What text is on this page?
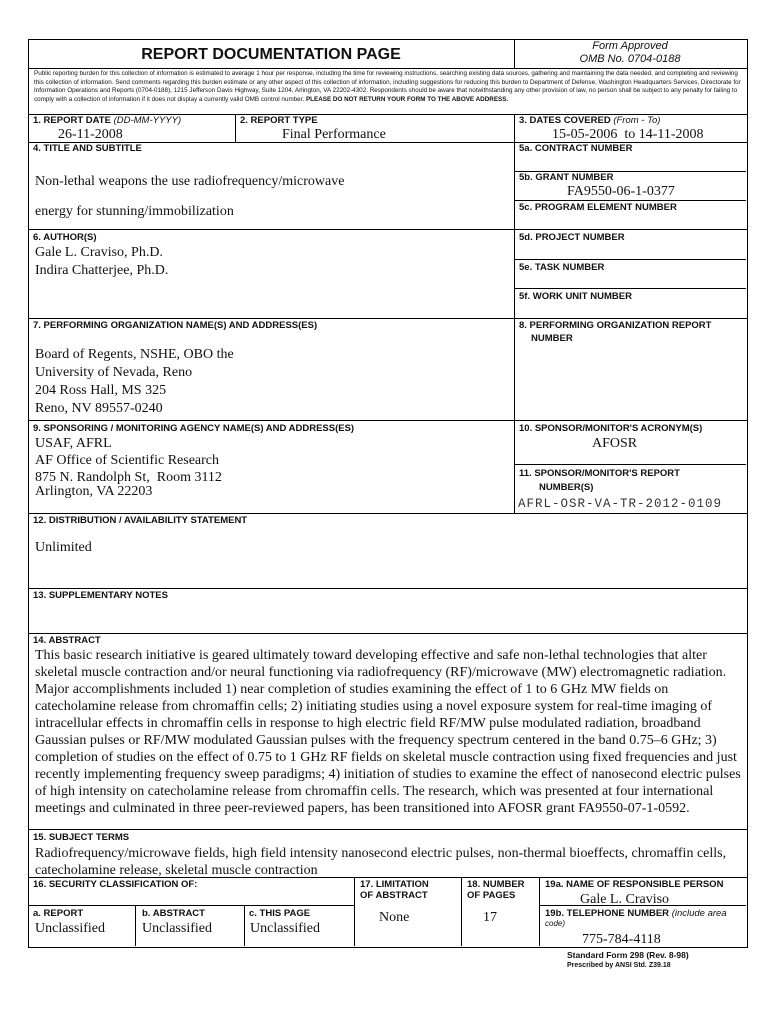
REPORT DOCUMENTATION PAGE	Form Approved
OMB No. 0704-0188
Public reporting burden for this collection of information is estimated to average 1 hour per response, including the time for reviewing instructions, searching existing data sources, gathering and maintaining the data needed, and completing and reviewing this collection of information. Send comments regarding this burden estimate or any other aspect of this collection of information, including suggestions for reducing this burden to Department of Defense, Washington Headquarters Services, Directorate for Information Operations and Reports (0704-0188), 1215 Jefferson Davis Highway, Suite 1204, Arlington, VA 22202-4302. Respondents should be aware that notwithstanding any other provision of law, no person shall be subject to any penalty for failing to comply with a collection of information if it does not display a currently valid OMB control number. PLEASE DO NOT RETURN YOUR FORM TO THE ABOVE ADDRESS.
1. REPORT DATE (DD-MM-YYYY)
26-11-2008
2. REPORT TYPE
Final Performance
3. DATES COVERED (From - To)
15-05-2006  to 14-11-2008
4. TITLE AND SUBTITLE
Non-lethal weapons the use radiofrequency/microwave
energy for stunning/immobilization
5a. CONTRACT NUMBER
5b. GRANT NUMBER
FA9550-06-1-0377
5c. PROGRAM ELEMENT NUMBER
5d. PROJECT NUMBER
5e. TASK NUMBER
5f. WORK UNIT NUMBER
6. AUTHOR(S)
Gale L. Craviso, Ph.D.
Indira Chatterjee, Ph.D.
7. PERFORMING ORGANIZATION NAME(S) AND ADDRESS(ES)
Board of Regents, NSHE, OBO the
University of Nevada, Reno
204 Ross Hall, MS 325
Reno, NV 89557-0240
8. PERFORMING ORGANIZATION REPORT
NUMBER
9. SPONSORING / MONITORING AGENCY NAME(S) AND ADDRESS(ES)
USAF, AFRL
AF Office of Scientific Research
875 N. Randolph St,  Room 3112
Arlington, VA 22203
10. SPONSOR/MONITOR'S ACRONYM(S)
AFOSR
11. SPONSOR/MONITOR'S REPORT
NUMBER(S)
AFRL-OSR-VA-TR-2012-0109
12. DISTRIBUTION / AVAILABILITY STATEMENT
Unlimited
13. SUPPLEMENTARY NOTES
14. ABSTRACT
This basic research initiative is geared ultimately toward developing effective and safe non-lethal technologies that alter skeletal muscle contraction and/or neural functioning via radiofrequency (RF)/microwave (MW) electromagnetic radiation. Major accomplishments included 1) near completion of studies examining the effect of 1 to 6 GHz MW fields on catecholamine release from chromaffin cells; 2) initiating studies using a novel exposure system for real-time imaging of intracellular effects in chromaffin cells in response to high electric field RF/MW pulse modulated radiation, broadband Gaussian pulses or RF/MW modulated Gaussian pulses with the frequency spectrum centered in the band 0.75–6 GHz; 3) completion of studies on the effect of 0.75 to 1 GHz RF fields on skeletal muscle contraction using fixed frequencies and just recently implementing frequency sweep paradigms; 4) initiation of studies to examine the effect of nanosecond electric pulses of high intensity on catecholamine release from chromaffin cells. The research, which was presented at four international meetings and culminated in three peer-reviewed papers, has been transitioned into AFOSR grant FA9550-07-1-0592.
15. SUBJECT TERMS
Radiofrequency/microwave fields, high field intensity nanosecond electric pulses, non-thermal bioeffects, chromaffin cells, catecholamine release, skeletal muscle contraction
16. SECURITY CLASSIFICATION OF:
a. REPORT
Unclassified
b. ABSTRACT
Unclassified
c. THIS PAGE
Unclassified
17. LIMITATION
OF ABSTRACT
None
18. NUMBER
OF PAGES
17
19a. NAME OF RESPONSIBLE PERSON
Gale L. Craviso
19b. TELEPHONE NUMBER (include area
code)
775-784-4118
Standard Form 298 (Rev. 8-98)
Prescribed by ANSI Std. Z39.18
